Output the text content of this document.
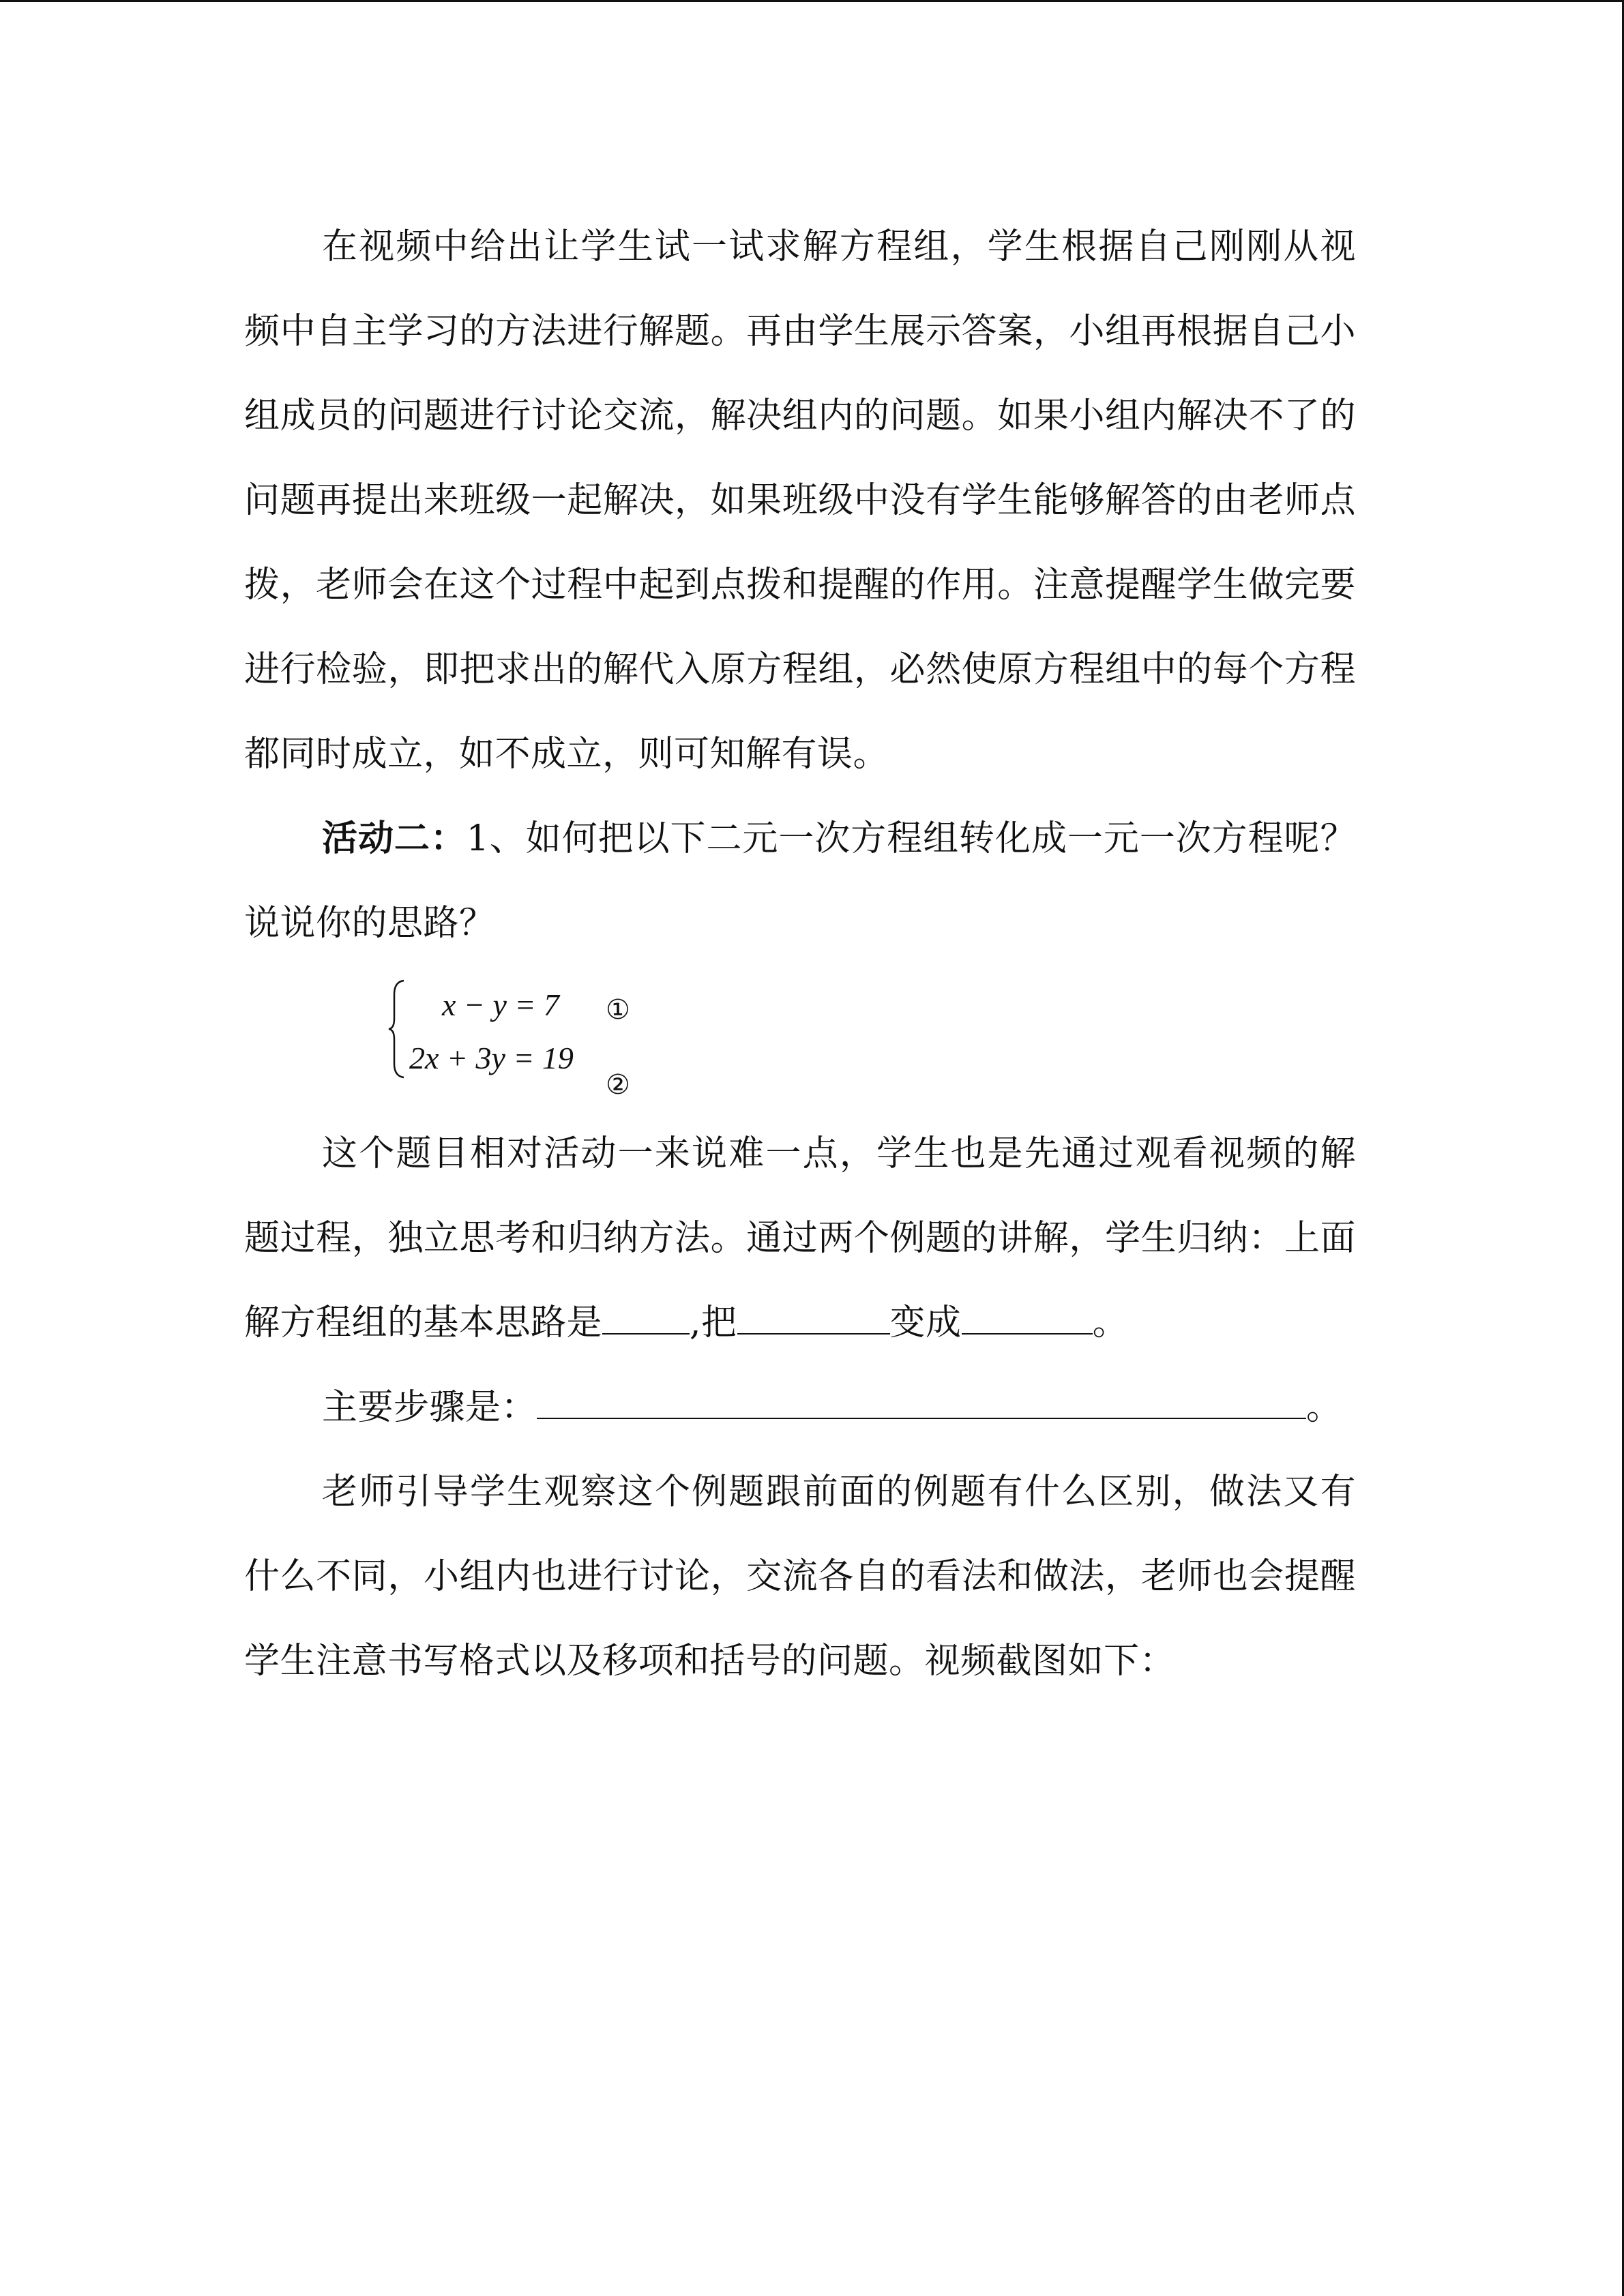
在视频中给出让学生试一试求解方程组，学生根据自己刚刚从视频中自主学习的方法进行解题。再由学生展示答案，小组再根据自己小组成员的问题进行讨论交流，解决组内的问题。如果小组内解决不了的问题再提出来班级一起解决，如果班级中没有学生能够解答的由老师点拨，老师会在这个过程中起到点拨和提醒的作用。注意提醒学生做完要进行检验，即把求出的解代入原方程组，必然使原方程组中的每个方程都同时成立，如不成立，则可知解有误。

活动二：1、如何把以下二元一次方程组转化成一元一次方程呢？说说你的思路？

x − y = 7
2x + 3y = 19
①
②

这个题目相对活动一来说难一点，学生也是先通过观看视频的解题过程，独立思考和归纳方法。通过两个例题的讲解，学生归纳：上面解方程组的基本思路是 ,把	变成	。

主要步骤是：	。

老师引导学生观察这个例题跟前面的例题有什么区别，做法又有什么不同，小组内也进行讨论，交流各自的看法和做法，老师也会提醒学生注意书写格式以及移项和括号的问题。视频截图如下：
